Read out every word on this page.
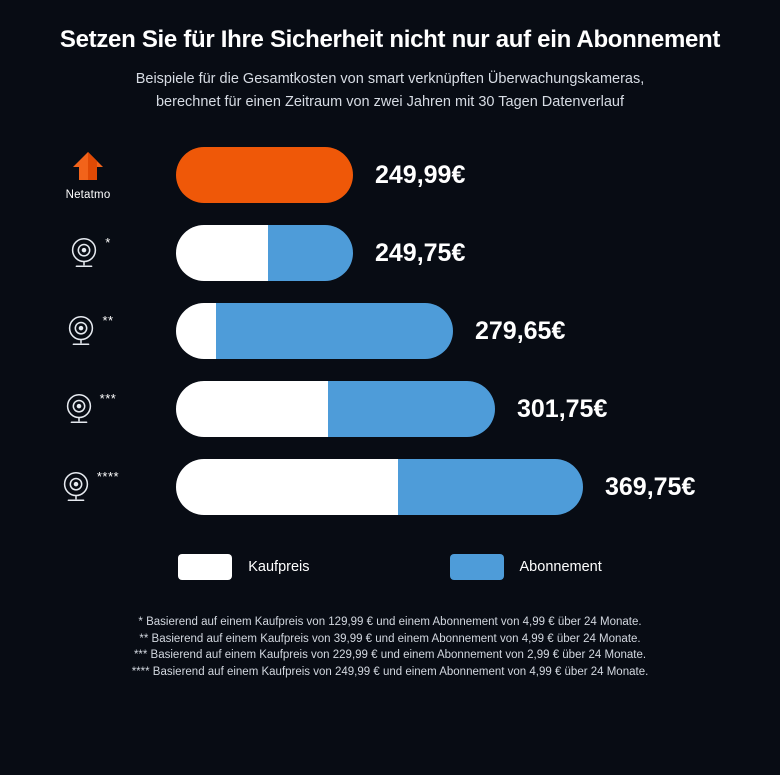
Setzen Sie für Ihre Sicherheit nicht nur auf ein Abonnement
Beispiele für die Gesamtkosten von smart verknüpften Überwachungskameras,
berechnet für einen Zeitraum von zwei Jahren mit 30 Tagen Datenverlauf
Netatmo
249,99€
*	249,75€
**	279,65€
***	301,75€
****	369,75€
Kaufpreis	Abonnement
* Basierend auf einem Kaufpreis von 129,99 € und einem Abonnement von 4,99 € über 24 Monate.
** Basierend auf einem Kaufpreis von 39,99 € und einem Abonnement von 4,99 € über 24 Monate.
*** Basierend auf einem Kaufpreis von 229,99 € und einem Abonnement von 2,99 € über 24 Monate.
**** Basierend auf einem Kaufpreis von 249,99 € und einem Abonnement von 4,99 € über 24 Monate.
